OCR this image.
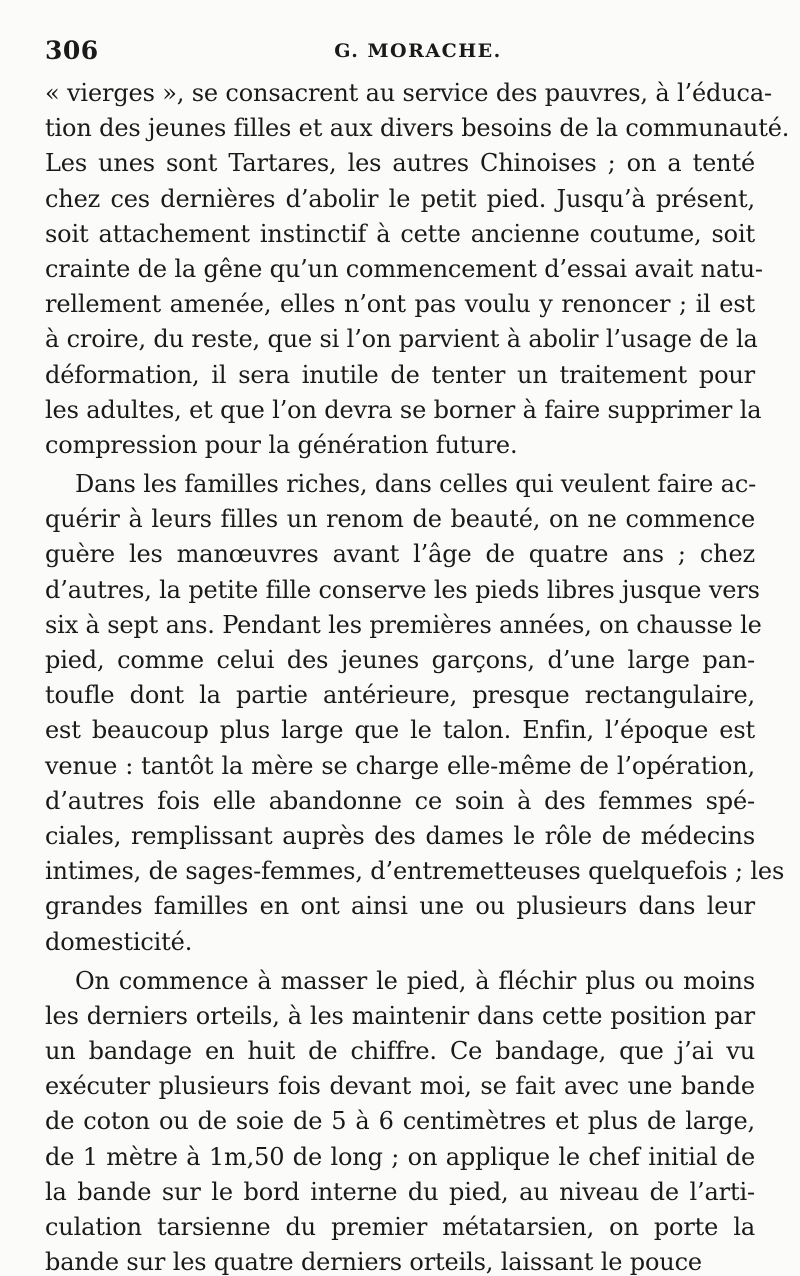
306	G. MORACHE.
« vierges », se consacrent au service des pauvres, à l’éduca-
tion des jeunes filles et aux divers besoins de la communauté.
Les unes sont Tartares, les autres Chinoises ; on a tenté
chez ces dernières d’abolir le petit pied. Jusqu’à présent,
soit attachement instinctif à cette ancienne coutume, soit
crainte de la gêne qu’un commencement d’essai avait natu-
rellement amenée, elles n’ont pas voulu y renoncer ; il est
à croire, du reste, que si l’on parvient à abolir l’usage de la
déformation, il sera inutile de tenter un traitement pour
les adultes, et que l’on devra se borner à faire supprimer la
compression pour la génération future.
Dans les familles riches, dans celles qui veulent faire ac-
quérir à leurs filles un renom de beauté, on ne commence
guère les manœuvres avant l’âge de quatre ans ; chez
d’autres, la petite fille conserve les pieds libres jusque vers
six à sept ans. Pendant les premières années, on chausse le
pied, comme celui des jeunes garçons, d’une large pan-
toufle dont la partie antérieure, presque rectangulaire,
est beaucoup plus large que le talon. Enfin, l’époque est
venue : tantôt la mère se charge elle-même de l’opération,
d’autres fois elle abandonne ce soin à des femmes spé-
ciales, remplissant auprès des dames le rôle de médecins
intimes, de sages-femmes, d’entremetteuses quelquefois ; les
grandes familles en ont ainsi une ou plusieurs dans leur
domesticité.
On commence à masser le pied, à fléchir plus ou moins
les derniers orteils, à les maintenir dans cette position par
un bandage en huit de chiffre. Ce bandage, que j’ai vu
exécuter plusieurs fois devant moi, se fait avec une bande
de coton ou de soie de 5 à 6 centimètres et plus de large,
de 1 mètre à 1m,50 de long ; on applique le chef initial de
la bande sur le bord interne du pied, au niveau de l’arti-
culation tarsienne du premier métatarsien, on porte la
bande sur les quatre derniers orteils, laissant le pouce
